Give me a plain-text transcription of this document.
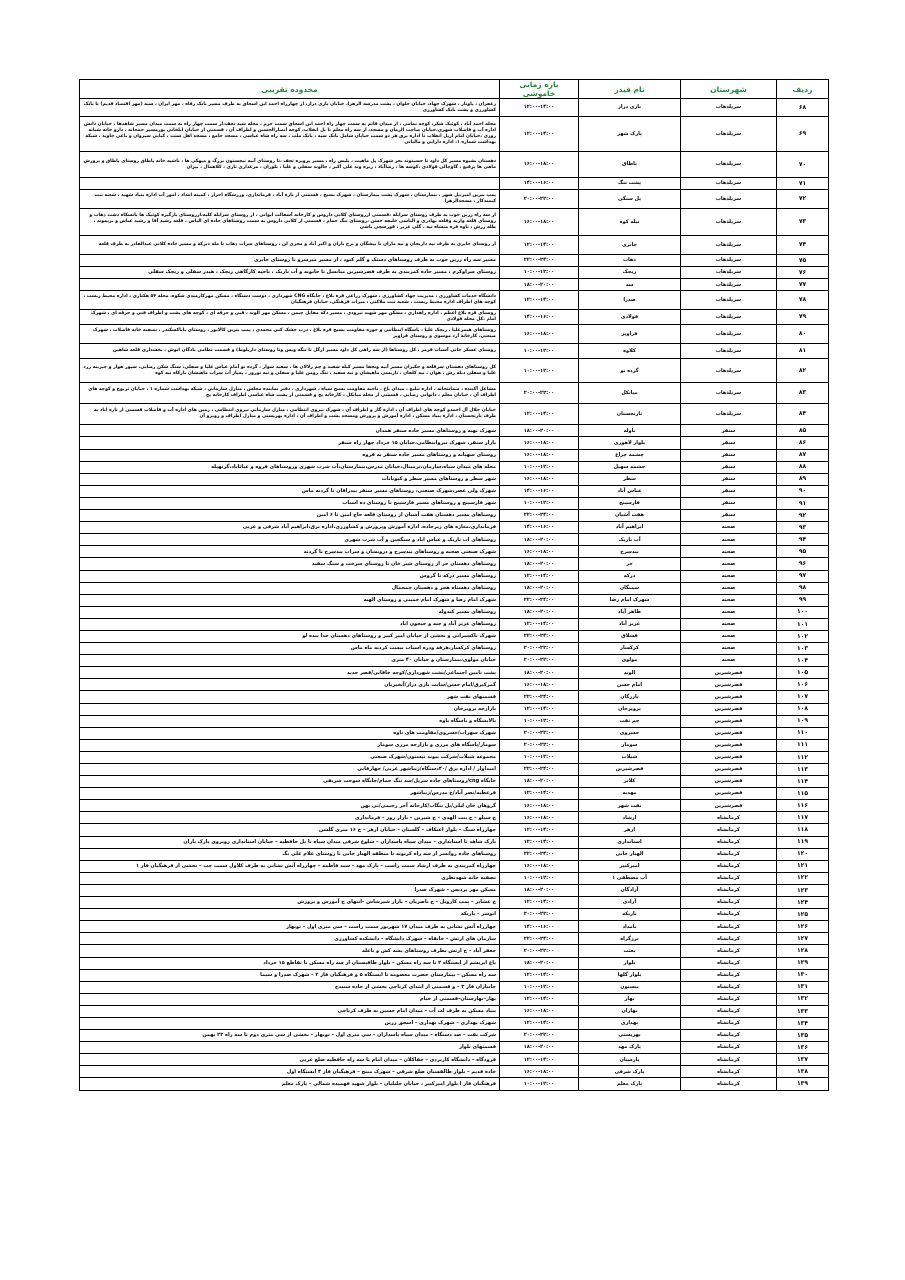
ردیف	شهرستان	نام فیدر	بازه زمانی خاموشی	محدوده تقریبی
۶۸	سرپلذهاب	بازی دراز	۱۲:۰۰-۱۴:۰۰	زعفران ، پاوناز ، شهرک جهاد، خیابان حلوان ، پشت مدرسه الزهرا، خیابان بازی دراز، از چهارراه احمد ابن اسحاق به طرف مسیر بانک رفاه ، مهر ایران ، سپه (مهر اقتصاد قدیم) تا بانک کشاورزی و پشت بانک کشاورزی
۶۹	سرپلذهاب	پارک شهر	۱۲:۰۰-۱۴:۰۰	محله احمد آباد ، کوئیک شکر، کوچه نمامی ، از میدان قائم به سمت چهار راه احمد ابن اسحاق سمت حرم ، محله سید نجف،از سمت چهار راه به سمت میدان مسیر شاهدها ، خیابان دانش اداره آب و فاضلاب شهری،خیابان صاحب الزمان و مسجد، از سه راه معلم تا پل انقلاب، کوچه انصارالحسین و اطراف آن ، قسمتی از خیابان ایلخانی پورمسیر جمخانه ، دارو خانه شبانه روزی ،خیابان امام ازپل انقلاب تا اداره برق هر دو سمت خیابان شامل بانک سپه ، بانک ملت ، سه راه شاه عباسی ، مسجد جامع ، مسجد اهل سنت ، کبابی سیروان و باغی جاوید ، شبکه بهداشت شماره ۱، اداره دارایی و مالیاتی
۷۰	سرپلذهاب	پاطاق	۱۶:۰۰-۱۸:۰۰	دهستان بشیوه مسیر کل داود تا حسینوند بحز شهرک پل ماهیت ، پلیس راه ، مسیر پرویزه تجف ،تا روستای آبیه نیچستون بزرگ و میهکی ها ، ناشیه خانه پاطاق روستای پاطاق و پرورش ماهی ها برقیع ، گاوچالی فولادی ،کوسه ها ، رضاآباد ، ریزه وند علی اکبر ، جالوند سفلی و علیا ، بلوران ، مرغداری باری ، کلاهمال ، بیران
۷۱	سرپلذهاب	پشت تنگ	۱۴:۰۰-۱۶:۰۰	
۷۲	سرپلذهاب	پل سنگی	۲۰:۰۰-۲۲:۰۰	پمپ بنزین امیر،پل شهر ، بیمارستان ، شهرک پشت بیمارستان ، شهرک بسیج ، قسمتی از تازه آباد ، فرمانداری، ورزشگاه احراز ، کمیته امداد ، امور آب اداره بنیاد شهید ، شعبه ثبت کیمندکار ، مسجدالزهرا
۷۳	سرپلذهاب	تیله کوه	۱۶:۰۰-۱۸:۰۰	از سه راه زرین جوب به طرف روستای سرابله ،قسمتی ازروستای کلانی داروس و کارخانه آسفالت ایوانی ، از روستای سرابله کلیه،ازروستای بارگیره کوئیک ها بانسکاه دشت ذهاب و روستای قلعه وازیه وقلعه بهادری و الیاسی خلیفه حسن ،روستای تنگ حمام ، قسمتی از کلانی داروس به سمت روستاهای جاده ای الیاس ، قلعه رشید آقا و رشید عباس و بریموند ، طله زرش ، ناوه فره منشاه تیه ، گلی عزیز ، قورشچی باشی
۷۴	سرپلذهاب	جابری	۱۲:۰۰-۱۴:۰۰	از روستای جابری به طرف تپه داربخان و تپه ماران تا بیشگان و برج باران و اکبر آباد و مجری لن ، روستاهای سراب ذهاب تا مله دیرکه و مسیر جاده کلانی عبدالقادر به طرف قلعه
۷۵	سرپلذهاب	ذهاب	۲۲:۰۰-۲۴:۰۰	مسیر سه راه زرین جوب به طرف روستاهای دستک و گلم کبود ، از مسیر میرسرو تا روستای جابری
۷۶	سرپلذهاب	ریجک	۱۰:۰۰-۱۲:۰۰	روستای سراوکرم ، مسیر جاده کمربندی به طرف قصرشیرین میانسل تا خانونه و آب باریک ، ناحیه کارگاهی ریجک ، هیدر سفلی و ریجک سفلی
۷۷	سرپلذهاب	سد	۱۸:۰۰-۲۰:۰۰	
۷۸	سرپلذهاب	صدرا	۱۲:۰۰-۱۴:۰۰	دانشگاه خدمات کشاورزی ، مدیریت جهاد کشاورزی ، شهرک زراعی قره بلاغ ، جایگاه CNG شهرداری ، دوست دستگاه ، مسکن مهرکارمندی شکوه، محله ۵۴ هکتاری ، اداره محیط زیست ، کوچه های اطراف اداره محیط زیست ، شعبه ثبت ملاکتی ، میراث فرهنگی، خیابان فرهنگیان
۷۹	سرپلذهاب	فولادی	۱۴:۰۰-۱۶:۰۰	روستای قره بلاغ اعظم ، اداره راهداری ، مسکن مهر شهید نیرودی ، مسیر دکه مقابل چیمن ، مسکن مهر الوند ، قبی و حرفه ای ، کوچه های پشت و اطراف فنی و حرفه ای ، شهرک امام ،کل محله فولادی
۸۰	سرپلذهاب	فراویز	۱۶:۰۰-۱۸:۰۰	روستاهای هیمرعلیا ، ریجک علیا ، پاسگاه انتظامی و حوزه مقاومت بسیج قره بلاغ ، درب خشک کنی محمدی ، پمپ بنزین کالاپور ، روستای باباکسکندر ، تصفیه خانه فاضلاب ، شهرک صنعتی، کارخانه آرد موسوی و روستای فراویز
۸۱	سرپلذهاب	کلاوه	۱۰:۰۰-۱۲:۰۰	روستای عسکر خانی آسیاب قرمز ، کل روستاها (از سه راهی کل داود مسیر ازگل تا تنگه ویس وتا روستای داربلوط) و قسمت نظامی بادگان انوش ، بخشداری قلعه شاهین
۸۲	سرپلذهاب	گرده نو	۱۰:۰۰-۱۲:۰۰	کل روستاهای دهستان سرقلعه و حکیران مسیر آبیه ونجفا مسیر کیله سفید و چم زلالان ها ، سفید سوار ، گرده نو آمام عباس علیا و سفلی، سنگ شکن رضایی، سیور هوار و جیرینه زرد علیا و سفلی دیله رش ، هوان ، تیه کلفان ، تاریسی ماهیشان و نیه سفید ، تنگ رومن علیا و سفلی و تیه نوروز ، پمپاژ آب سراب ماهیشان بازکاه تیه کوه
۸۳	سرپلذهاب	میانکل	۲۰:۰۰-۲۲:۰۰	مشاغل آکینده ، ضمانتخانه ، اداره تبلیغ ، میدان باغ ، ناحیه مقاومت بسیج سپاه ، شهرداری ، دفتر نماینده مجلس ، منازل سازمانی ، شبکه بهداشت شماره ۱ ، خیابان تربوچ و کوچه های اطراف آن ، خیابان معلم ، دانوانی رضایی ، قسمتی از محله میانکل ، کارخانه یخ و قسمتی از پشت شاه عباسی اطراف کارخانه یخ
۸۴	سرپلذهاب	نارنجستان	۱۲:۰۰-۱۴:۰۰	خیابان جلال آل احمدو کوچه های اطراف آن ، اداره گاز و اطراف آن ، شهرک نیروی انتظامی ، منازل سازمانی نیروی انتظامی ، زمین های اداره آب و فاضلاب قسمتی از تازه اباد به طرف نارنجستان ، اداره بنیاد مسکن ، اداره آموزش و پرورش ومسجد پشت و اطراف آن ، اداره بهزیستی و منازل اطراف و روبرو آن
۸۵	سنقر	باوله	۱۸:۰۰-۲۰:۰۰	شهرک تهیه و روستاهای مسیر جاده سنقر همدان
۸۶	سنقر	بلوار لاهوری	۱۶:۰۰-۱۸:۰۰	بازار سنقر، شهرک نیروانتظامی،خیابان ۱۵ خرداد چهار راه سنقر
۸۷	سنقر	چشمه چراغ	۱۶:۰۰-۱۸:۰۰	روستای سهبانه و روستاهای مسیر جاده سنقر به قروه
۸۸	سنقر	چشمه سهیل	۱۰:۰۰-۱۲:۰۰	محله های میدان سپاه،سازمان،ترمینال،خیابان مدرس،بیمارستان،آب شرب شهری وروستاهای قروه و عباثاباد،گرتهیله
۸۹	سنقر	سطر	۱۶:۰۰-۱۸:۰۰	شهر سطر و روستاهای مسیر سطر و کیونانات
۹۰	سنقر	عباس آباد	۱۴:۰۰-۱۶:۰۰	شهرک ولی عصر،شهرک صنعتی، روستاهای مسیر سنقر بیدراقان تا گردنه ماس
۹۱	سنقر	فارسینج	۱۰:۰۰-۱۲:۰۰	شهر فارسینج و روستاهای مسیر فارسینج تا روستای ده اسباب
۹۲	سنقر	هفت آشیان	۲۲:۰۰-۲۴:۰۰	روستاهای مسیر دهستان هفت آشیان از روستای قلعه حاج امین تا ۶ امین
۹۳	صحنه	ابراهیم آباد	۱۴:۰۰-۱۶:۰۰	فرمانداری،مغازه های زیرجاده، اداره آموزش وپرورش و کشاورزی،اداره برق،ابراهیم آباد شرقی و غربی
۹۴	صحنه	آب باریک	۱۸:۰۰-۲۰:۰۰	روستاهای اب باریک و عباس اباد و سنگچین و آب شرب شهری
۹۵	صحنه	بیدسرخ	۱۶:۰۰-۱۸:۰۰	شهرک صنعتی صحنه و روستاهای بیدسرخ و درویشان و سراب بیدسرخ تا گردنه
۹۶	صحنه	حر	۱۸:۰۰-۲۰:۰۰	روستاهای دهستان حر از روستای شیر خان تا روستای سرخت و سنگ سفید
۹۷	صحنه	درکه	۱۲:۰۰-۱۴:۰۰	روستاهای مسیر درکه تا گروس
۹۸	صحنه	سمنگان	۱۸:۰۰-۲۰:۰۰	روستاهای دهستاه هجر و دهستان جمجمال
۹۹	صحنه	شهرک امام رضا	۲۲:۰۰-۲۴:۰۰	شهرک امام رضا و شهرک امام خمینی و روستای الهیه
۱۰۰	صحنه	طاهر آباد	۱۸:۰۰-۲۰:۰۰	روستاهای مسیر کندوله
۱۰۱	صحنه	عزیز آباد	۱۲:۰۰-۱۴:۰۰	روستاهای عزیز آباد و چنه و جیجون اباد
۱۰۲	صحنه	قشلاق	۲۲:۰۰-۲۴:۰۰	شهرک تاکسیرانی و بخشی از خیابان امیر کبیر و روستاهای دهستان خدا بنده لو
۱۰۳	صحنه	کرکسار	۲۰:۰۰-۲۲:۰۰	روستاهای کرکسار،هرفه ودره اسیاب بیست کردنه ماه ماس
۱۰۴	صحنه	مولوی	۲۰:۰۰-۲۲:۰۰	خیابان مولوی،بیمارستان و خیابان ۴۰ متری
۱۰۵	قصرشیرین	الوند	۱۸:۰۰-۲۰:۰۰	پشت تامین اجتماعی/پشت شهرداری/کوچه خاقانی/قصر جدید
۱۰۶	قصرشیرین	امام حسن	۱۶:۰۰-۱۸:۰۰	گمرکبرق/امام حسن/سایت بازی دراز/آبخیزبان
۱۰۷	قصرشیرین	بازرگان	۲۲:۰۰-۲۴:۰۰	قسمتهای نفت شهر
۱۰۸	قصرشیرین	پرویزخان	۱۲:۰۰-۱۴:۰۰	بازارچه پرویزخان
۱۰۹	قصرشیرین	چم نفت	۱۰:۰۰-۱۲:۰۰	پالایشگاه و پاسگاه باوه
۱۱۰	قصرشیرین	خسروی	۲۰:۰۰-۲۲:۰۰	شهرک سهراب/خسروی/مقاومت های باوه
۱۱۱	قصرشیرین	سومار	۲۰:۰۰-۲۲:۰۰	سومار/پاسگاه های مرزی و بازارچه مرزی سومار
۱۱۲	قصرشیرین	شیلات	۱۰:۰۰-۱۲:۰۰	مجموعه شیلات/شرکت پیوند نیستون/شهرک صنعتی
۱۱۳	قصرشیرین	قصرشیرین	۲۲:۰۰-۲۴:۰۰	امیداوار / اداره برق /۴۰دستگاه/زیباشهر غربی/ چهارقابی
۱۱۴	قصرشیرین	کلاتر	۱۸:۰۰-۲۰:۰۰	جایگاه cng/روستاهای جاده سرپل/سد تنگ حمام/جایگاه سوخت شریفی
۱۱۵	قصرشیرین	مهدیه	۱۲:۰۰-۱۴:۰۰	فرعطیه/نصر آباد/خ مدرس/زیباشهر
۱۱۶	قصرشیرین	نفت شهر	۱۶:۰۰-۱۸:۰۰	گروهان خان لیلی/پل تنگاب/کارخانه آجر رحیمی/نی بهن
۱۱۷	کرمانشاه	ارشاد	۱۶:۰۰-۱۸:۰۰	خ سیلو – خ بنت الهدی – خ شیرین – بازار روز – فرمانداری
۱۱۸	کرمانشاه	ازهر	۱۲:۰۰-۱۴:۰۰	چهارراه سنگ – بلوار اعتکاف – گلستان – خیابان ازهر – خ ۱۶ متری گلشن
۱۱۹	کرمانشاه	استانداری	۱۲:۰۰-۱۴:۰۰	پارک شاهد تا استانداری – میدان سپاه پاسداران – شلوغ شرقی میدان سپاه تا پل حافظیه – خیابان استانداری روبروی پارک باران
۱۲۰	کرمانشاه	الهیار خانی	۲۲:۰۰-۲۴:۰۰	روستاهای جاده روانسر از سه راه کرنوته تا منطقه الهیار خانی تا روستای غلام علی بگ
۱۲۱	کرمانشاه	امیرکبیر	۱۶:۰۰-۱۸:۰۰	چهارراه کمربندی به طرف ارشاد سمت راست – پارک مهد – سید فاطمه – چهارراه آتش نشانی به طرف کلاول سمت چپ – بخشی از فرهنگیان فاز ۱
۱۲۲	کرمانشاه	آب مصطفی ۱	۱۰:۰۰-۱۲:۰۰	تصفیه خانه شهدنظری
۱۲۳	کرمانشاه	آزادگان	۱۸:۰۰-۲۰:۰۰	مسکن مهر پردیس – شهرک صدرا
۱۲۴	کرمانشاه	آزادی	۱۲:۰۰-۱۴:۰۰	خ عشایر – پمپ کارویل – خ ناصریان – بازار شیرشاش –انتهای خ آموزش و پرورش
۱۲۵	کرمانشاه	باریکه	۲۰:۰۰-۲۲:۰۰	انوشر – باریکه
۱۲۶	کرمانشاه	بامداد	۱۴:۰۰-۱۶:۰۰	چهارراه آتش نشانی به طرف میدان ۱۷ شهریور سمت راست – سی متری اول – نوبهار
۱۲۷	کرمانشاه	برزگراه	۲۲:۰۰-۲۴:۰۰	سازمان های ارتش – خانقاه – شهرک دانشگاه – دانشکده کشاورزی
۱۲۸	کرمانشاه	بعثت	۲۰:۰۰-۲۲:۰۰	جعفر آباد – خ ارتش بطرف روستاهای بشه کش و باغله
۱۲۹	کرمانشاه	بلوار	۱۸:۰۰-۲۰:۰۰	باغ ابریشم از ایستگاه ۲ تا سه راه مسکن – بلوار طاقبستان از سه راه مسکن تا تقاطع ۱۵ خرداد
۱۳۰	کرمانشاه	بلوار گلها	۱۲:۰۰-۱۴:۰۰	سه راه مسکن – بیمارستان حضرت معصومه تا ایستگاه ۵ و فرهنگیان فاز ۲ – شهرک صدرا و سیما
۱۳۱	کرمانشاه	بیستون	۱۰:۰۰-۱۲:۰۰	جانبازان فاز ۳ – و قسمتی از ابتدای کرناچی بخشی از جاده سنندج
۱۳۲	کرمانشاه	بهار	۱۲:۰۰-۱۴:۰۰	بهار–بهارستان–قسمتی از خیام
۱۳۳	کرمانشاه	بهاران	۱۶:۰۰-۱۸:۰۰	بنیاد مسکن به طرف لب آب – میدان امام حسین به طرف کرناچی
۱۳۴	کرمانشاه	بهداری	۱۲:۰۰-۱۴:۰۰	شهرک بهداری – شهرک بهداری – اسحق زرین
۱۳۵	کرمانشاه	بهزیستی	۲۰:۰۰-۲۲:۰۰	شرکت نفت – صد دستگاه – میدان سپاه پاسداران – سی متری اول – نوبهار – بخشی از سی متری دوم تا سه راه ۲۲ بهمن
۱۳۶	کرمانشاه	پارک مهد	۱۸:۰۰-۲۰:۰۰	فسمتهای بلوار
۱۳۷	کرمانشاه	پارسیان	۱۲:۰۰-۱۴:۰۰	فرودگاه – دانشگاه کاربردی – چقاکلان – میدان امام تا سه راه حافظیه ضلع غربی
۱۳۸	کرمانشاه	پارک شرقی	۱۶:۰۰-۱۸:۰۰	جاده قدیم – بلوار طالقستان ضلع شرقی – شهرک منتج – فرهنگیان فاز ۴ ایستگاه اول
۱۳۹	کرمانشاه	پارک معلم	۱۰:۰۰-۱۲:۰۰	فرهنگیان فاز ا بلوار امیرکبیر ، خیابان جلیلیان – بلوار شهید فهمیده شمالی – پارک معلم
